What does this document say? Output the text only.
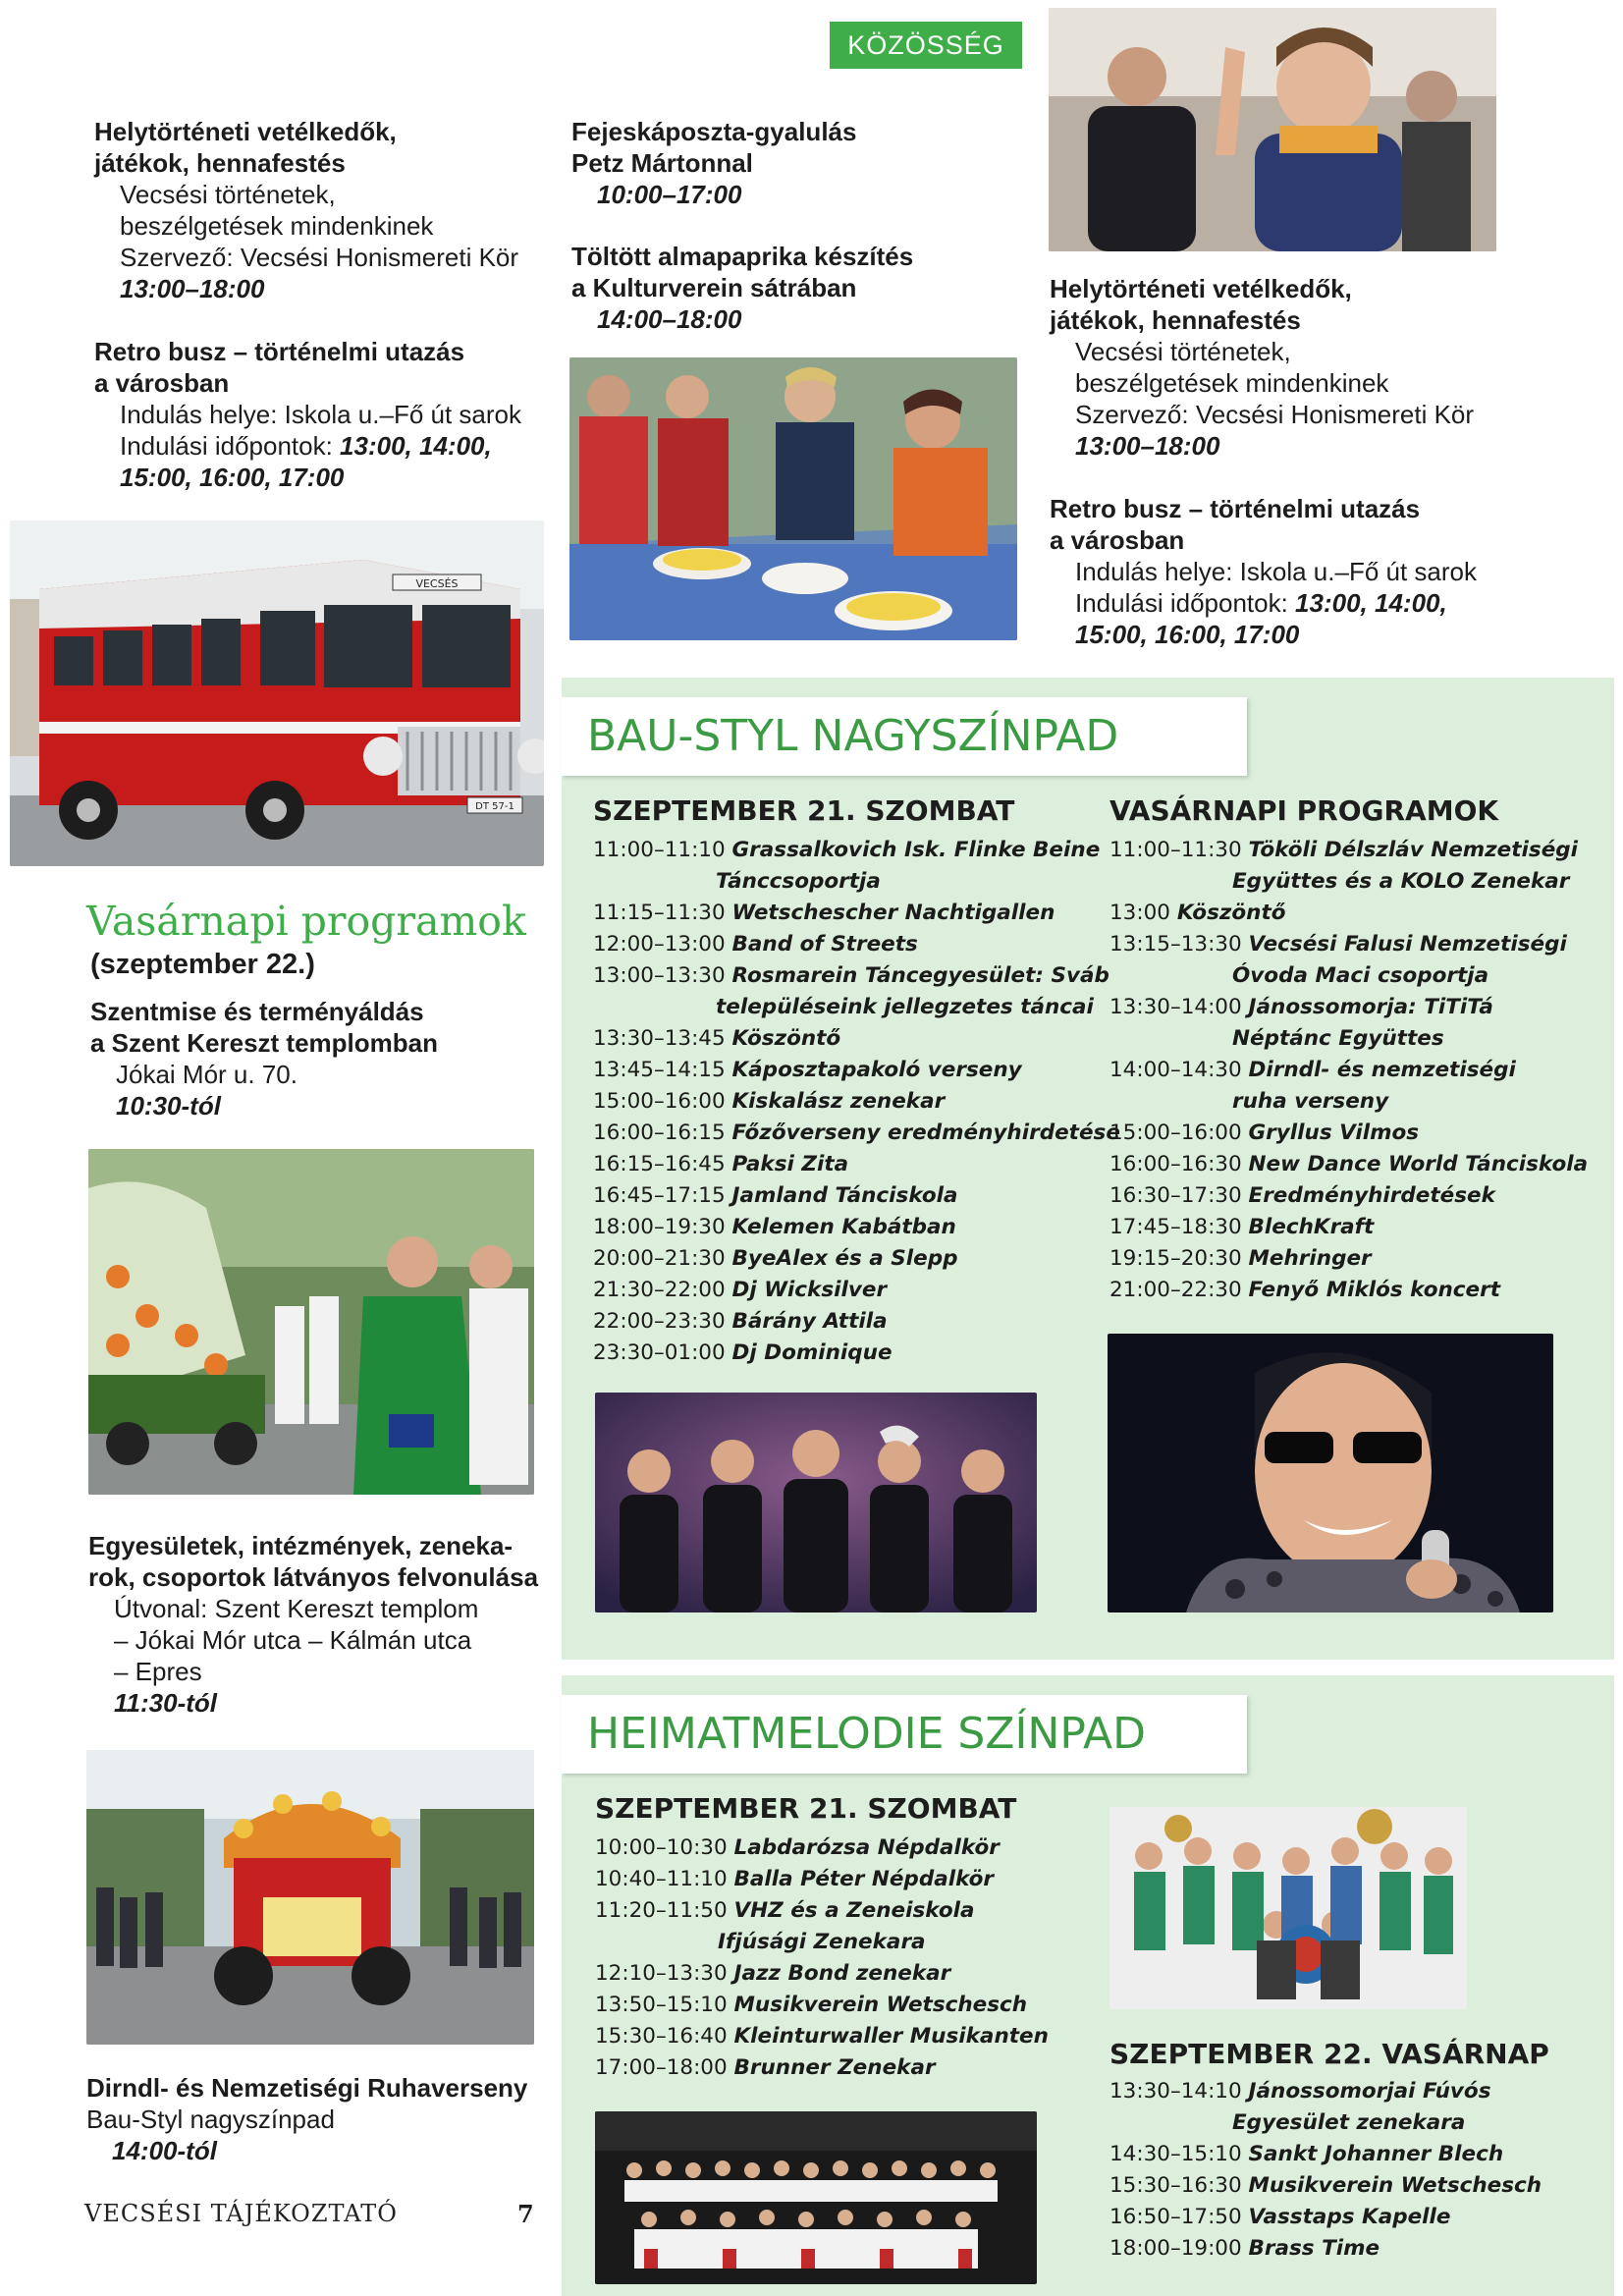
KÖZÖSSÉG
Helytörténeti vetélkedők,
játékok, hennafestés
Vecsési történetek,
beszélgetések mindenkinek
Szervező: Vecsési Honismereti Kör
13:00–18:00
Retro busz – történelmi utazás
a városban
Indulás helye: Iskola u.–Fő út sarok
Indulási időpontok: 13:00, 14:00,
15:00, 16:00, 17:00
Fejeskáposzta-gyalulás
Petz Mártonnal
10:00–17:00
Töltött almapaprika készítés
a Kulturverein sátrában
14:00–18:00
Helytörténeti vetélkedők,
játékok, hennafestés
Vecsési történetek,
beszélgetések mindenkinek
Szervező: Vecsési Honismereti Kör
13:00–18:00
Retro busz – történelmi utazás
a városban
Indulás helye: Iskola u.–Fő út sarok
Indulási időpontok: 13:00, 14:00,
15:00, 16:00, 17:00
VECSÉS
DT 57-1
Vasárnapi programok
(szeptember 22.)
Szentmise és terményáldás
a Szent Kereszt templomban
Jókai Mór u. 70.
10:30-tól
Egyesületek, intézmények, zeneka-
rok, csoportok látványos felvonulása
Útvonal: Szent Kereszt templom
– Jókai Mór utca – Kálmán utca
– Epres
11:30-tól
Dirndl- és Nemzetiségi Ruhaverseny
Bau-Styl nagyszínpad
14:00-tól
VECSÉSI TÁJÉKOZTATÓ	7
BAU-STYL NAGYSZÍNPAD
SZEPTEMBER 21. SZOMBAT
11:00–11:10 Grassalkovich Isk. Flinke Beine
Tánccsoportja
11:15–11:30 Wetschescher Nachtigallen
12:00–13:00 Band of Streets
13:00–13:30 Rosmarein Táncegyesület: Sváb
településeink jellegzetes táncai
13:30–13:45 Köszöntő
13:45–14:15 Káposztapakoló verseny
15:00–16:00 Kiskalász zenekar
16:00–16:15 Főzőverseny eredményhirdetése
16:15–16:45 Paksi Zita
16:45–17:15 Jamland Tánciskola
18:00–19:30 Kelemen Kabátban
20:00–21:30 ByeAlex és a Slepp
21:30–22:00 Dj Wicksilver
22:00–23:30 Bárány Attila
23:30–01:00 Dj Dominique
VASÁRNAPI PROGRAMOK
11:00–11:30 Tököli Délszláv Nemzetiségi
Együttes és a KOLO Zenekar
13:00 Köszöntő
13:15–13:30 Vecsési Falusi Nemzetiségi
Óvoda Maci csoportja
13:30–14:00 Jánossomorja: TiTiTá
Néptánc Együttes
14:00–14:30 Dirndl- és nemzetiségi
ruha verseny
15:00–16:00 Gryllus Vilmos
16:00–16:30 New Dance World Tánciskola
16:30–17:30 Eredményhirdetések
17:45–18:30 BlechKraft
19:15–20:30 Mehringer
21:00–22:30 Fenyő Miklós koncert
HEIMATMELODIE SZÍNPAD
SZEPTEMBER 21. SZOMBAT
10:00–10:30 Labdarózsa Népdalkör
10:40–11:10 Balla Péter Népdalkör
11:20–11:50 VHZ és a Zeneiskola
Ifjúsági Zenekara
12:10–13:30 Jazz Bond zenekar
13:50–15:10 Musikverein Wetschesch
15:30–16:40 Kleinturwaller Musikanten
17:00–18:00 Brunner Zenekar	SZEPTEMBER 22. VASÁRNAP
13:30–14:10 Jánossomorjai Fúvós
Egyesület zenekara
14:30–15:10 Sankt Johanner Blech
15:30–16:30 Musikverein Wetschesch
16:50–17:50 Vasstaps Kapelle
18:00–19:00 Brass Time
